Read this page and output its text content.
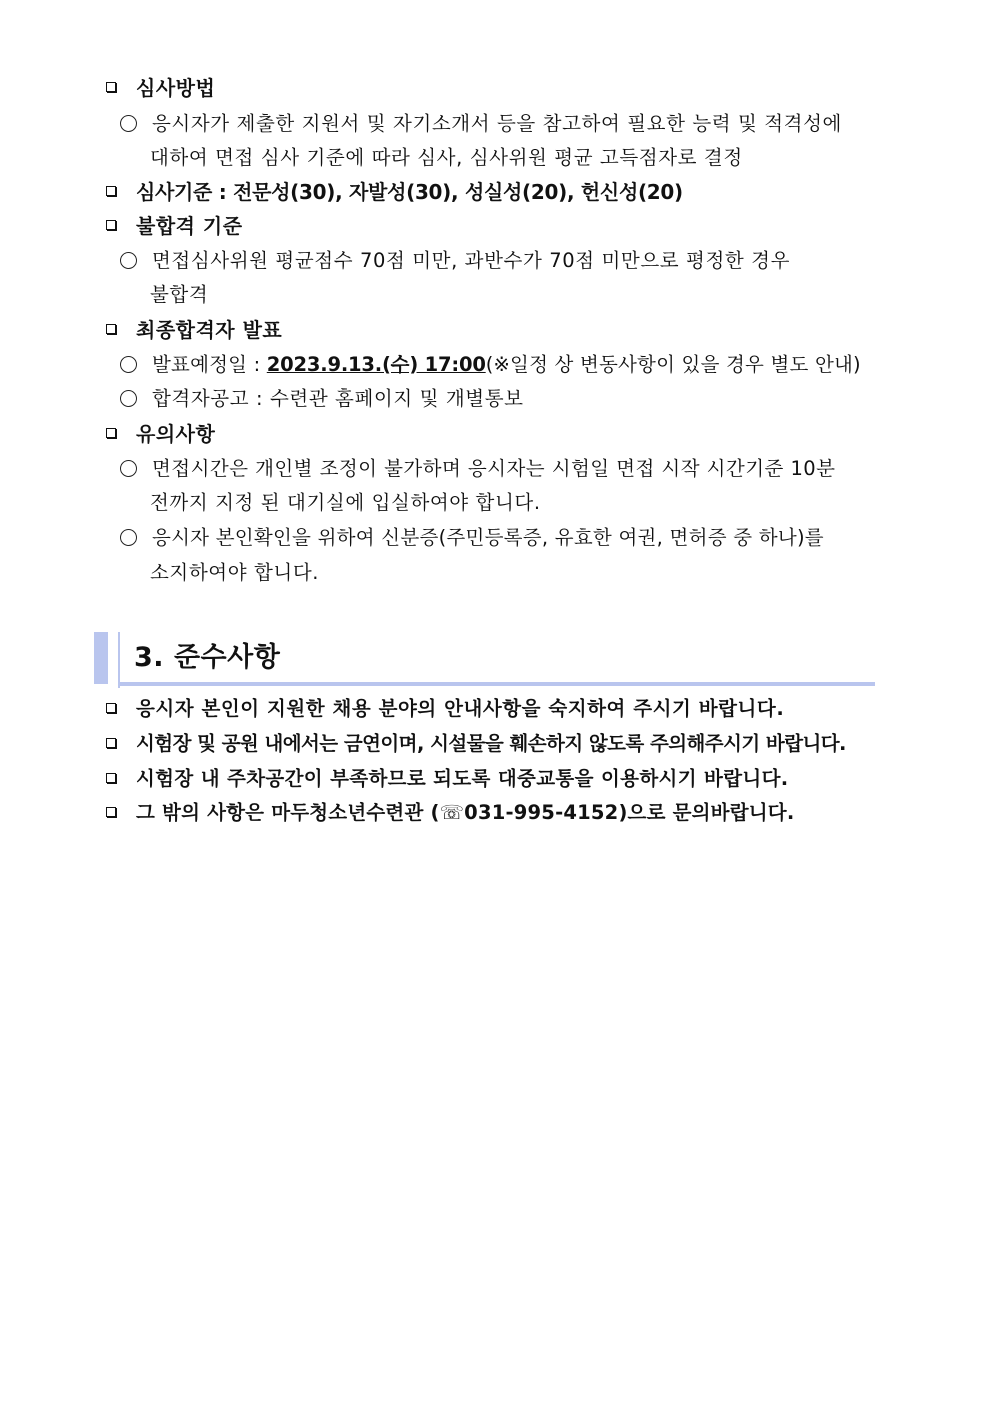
심사방법
응시자가 제출한 지원서 및 자기소개서 등을 참고하여 필요한 능력 및 적격성에
대하여 면접 심사 기준에 따라 심사, 심사위원 평균 고득점자로 결정
심사기준 : 전문성(30), 자발성(30), 성실성(20), 헌신성(20)
불합격 기준
면접심사위원 평균점수 70점 미만, 과반수가 70점 미만으로 평정한 경우
불합격
최종합격자 발표
발표예정일 : 2023.9.13.(수) 17:00(※일정 상 변동사항이 있을 경우 별도 안내)
합격자공고 : 수련관 홈페이지 및 개별통보
유의사항
면접시간은 개인별 조정이 불가하며 응시자는 시험일 면접 시작 시간기준 10분
전까지 지정 된 대기실에 입실하여야 합니다.
응시자 본인확인을 위하여 신분증(주민등록증, 유효한 여권, 면허증 중 하나)를
소지하여야 합니다.
3. 준수사항
응시자 본인이 지원한 채용 분야의 안내사항을 숙지하여 주시기 바랍니다.
시험장 및 공원 내에서는 금연이며, 시설물을 훼손하지 않도록 주의해주시기 바랍니다.
시험장 내 주차공간이 부족하므로 되도록 대중교통을 이용하시기 바랍니다.
그 밖의 사항은 마두청소년수련관 (☏031-995-4152)으로 문의바랍니다.
